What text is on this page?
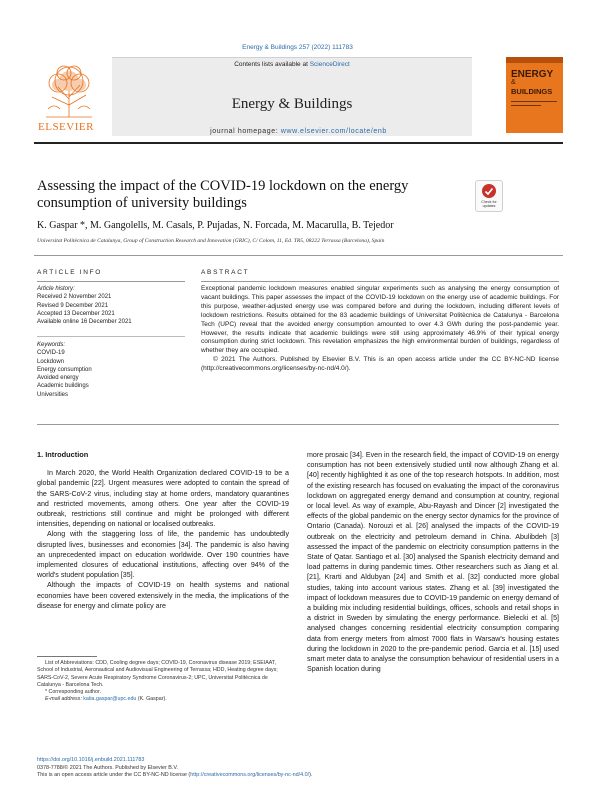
Energy & Buildings 257 (2022) 111783
ELSEVIER
Contents lists available at ScienceDirect
Energy & Buildings
ENERGY
&
BUILDINGS
journal homepage: www.elsevier.com/locate/enb
Assessing the impact of the COVID-19 lockdown on the energy consumption of university buildings	Check for updates
K. Gaspar *, M. Gangolells, M. Casals, P. Pujadas, N. Forcada, M. Macarulla, B. Tejedor
Universitat Politècnica de Catalunya, Group of Construction Research and Innovation (GRIC), C/ Colom, 11, Ed. TR5, 08222 Terrassa (Barcelona), Spain
ARTICLE INFO
Article history:
Received 2 November 2021
Revised 9 December 2021
Accepted 13 December 2021
Available online 16 December 2021
Keywords:
COVID-19
Lockdown
Energy consumption
Avoided energy
Academic buildings
Universities
ABSTRACT
Exceptional pandemic lockdown measures enabled singular experiments such as analysing the energy consumption of vacant buildings. This paper assesses the impact of the COVID-19 lockdown on the energy use of academic buildings. For this purpose, weather-adjusted energy use was compared before and during the lockdown, including different levels of lockdown restrictions. Results obtained for the 83 academic buildings of Universitat Politècnica de Catalunya - Barcelona Tech (UPC) reveal that the avoided energy consumption amounted to over 4.3 GWh during the post-pandemic year. However, the results indicate that academic buildings were still using approximately 46.9% of their typical energy consumption during strict lockdown. This revelation emphasizes the high environmental burden of buildings, regardless of whether they are occupied.
© 2021 The Authors. Published by Elsevier B.V. This is an open access article under the CC BY-NC-ND license (http://creativecommons.org/licenses/by-nc-nd/4.0/).
1. Introduction

In March 2020, the World Health Organization declared COVID-19 to be a global pandemic [22]. Urgent measures were adopted to contain the spread of the SARS-CoV-2 virus, including stay at home orders, mandatory quarantines and restricted movements, among others. One year after the COVID-19 outbreak, restrictions still continue and might be prolonged with different intensities, depending on national or localised outbreaks.

Along with the staggering loss of life, the pandemic has undoubtedly disrupted lives, businesses and economies [34]. The pandemic is also having an unprecedented impact on education worldwide. Over 190 countries have implemented closures of educational institutions, affecting over 94% of the world's student population [35].

Although the impacts of COVID-19 on health systems and national economies have been covered extensively in the media, the implications of the disease for energy and climate policy are

more prosaic [34]. Even in the research field, the impact of COVID-19 on energy consumption has not been extensively studied until now although Zhang et al. [40] recently highlighted it as one of the top research hotspots. In addition, most of the existing research has focused on evaluating the impact of the coronavirus lockdown on aggregated energy demand and consumption at country, regional or local level. As way of example, Abu-Rayash and Dincer [2] investigated the effects of the global pandemic on the energy sector dynamics for the province of Ontario (Canada). Norouzi et al. [26] analysed the impacts of the COVID-19 outbreak on the electricity and petroleum demand in China. Abulibdeh [3] assessed the impact of the pandemic on electricity consumption patterns in the State of Qatar. Santiago et al. [30] analysed the Spanish electricity demand and load patterns in during pandemic times. Other researchers such as Jiang et al. [21], Krarti and Aldubyan [24] and Smith et al. [32] conducted more global studies, taking into account various states. Zhang et al. [39] investigated the impact of lockdown measures due to COVID-19 pandemic on energy demand of a building mix including residential buildings, offices, schools and retail shops in a district in Sweden by simulating the energy performance. Bielecki et al. [5] analysed changes concerning residential electricity consumption comparing data from energy meters from almost 7000 flats in Warsaw's housing estates during the lockdown in 2020 to the pre-pandemic period. Garcia et al. [15] used smart meter data to analyse the consumption behaviour of residential users in a Spanish location during
List of Abbreviations: CDD, Cooling degree days; COVID-19, Coronavirus disease 2019; ESEIAAT, School of Industrial, Aeronautical and Audiovisual Engineering of Terrassa; HDD, Heating degree days; SARS-CoV-2, Severe Acute Respiratory Syndrome Coronavirus-2; UPC, Universitat Politècnica de Catalunya - Barcelona Tech.
* Corresponding author.
E-mail address: katia.gaspar@upc.edu (K. Gaspar).
https://doi.org/10.1016/j.enbuild.2021.111783
0378-7788/© 2021 The Authors. Published by Elsevier B.V.
This is an open access article under the CC BY-NC-ND license (http://creativecommons.org/licenses/by-nc-nd/4.0/).
